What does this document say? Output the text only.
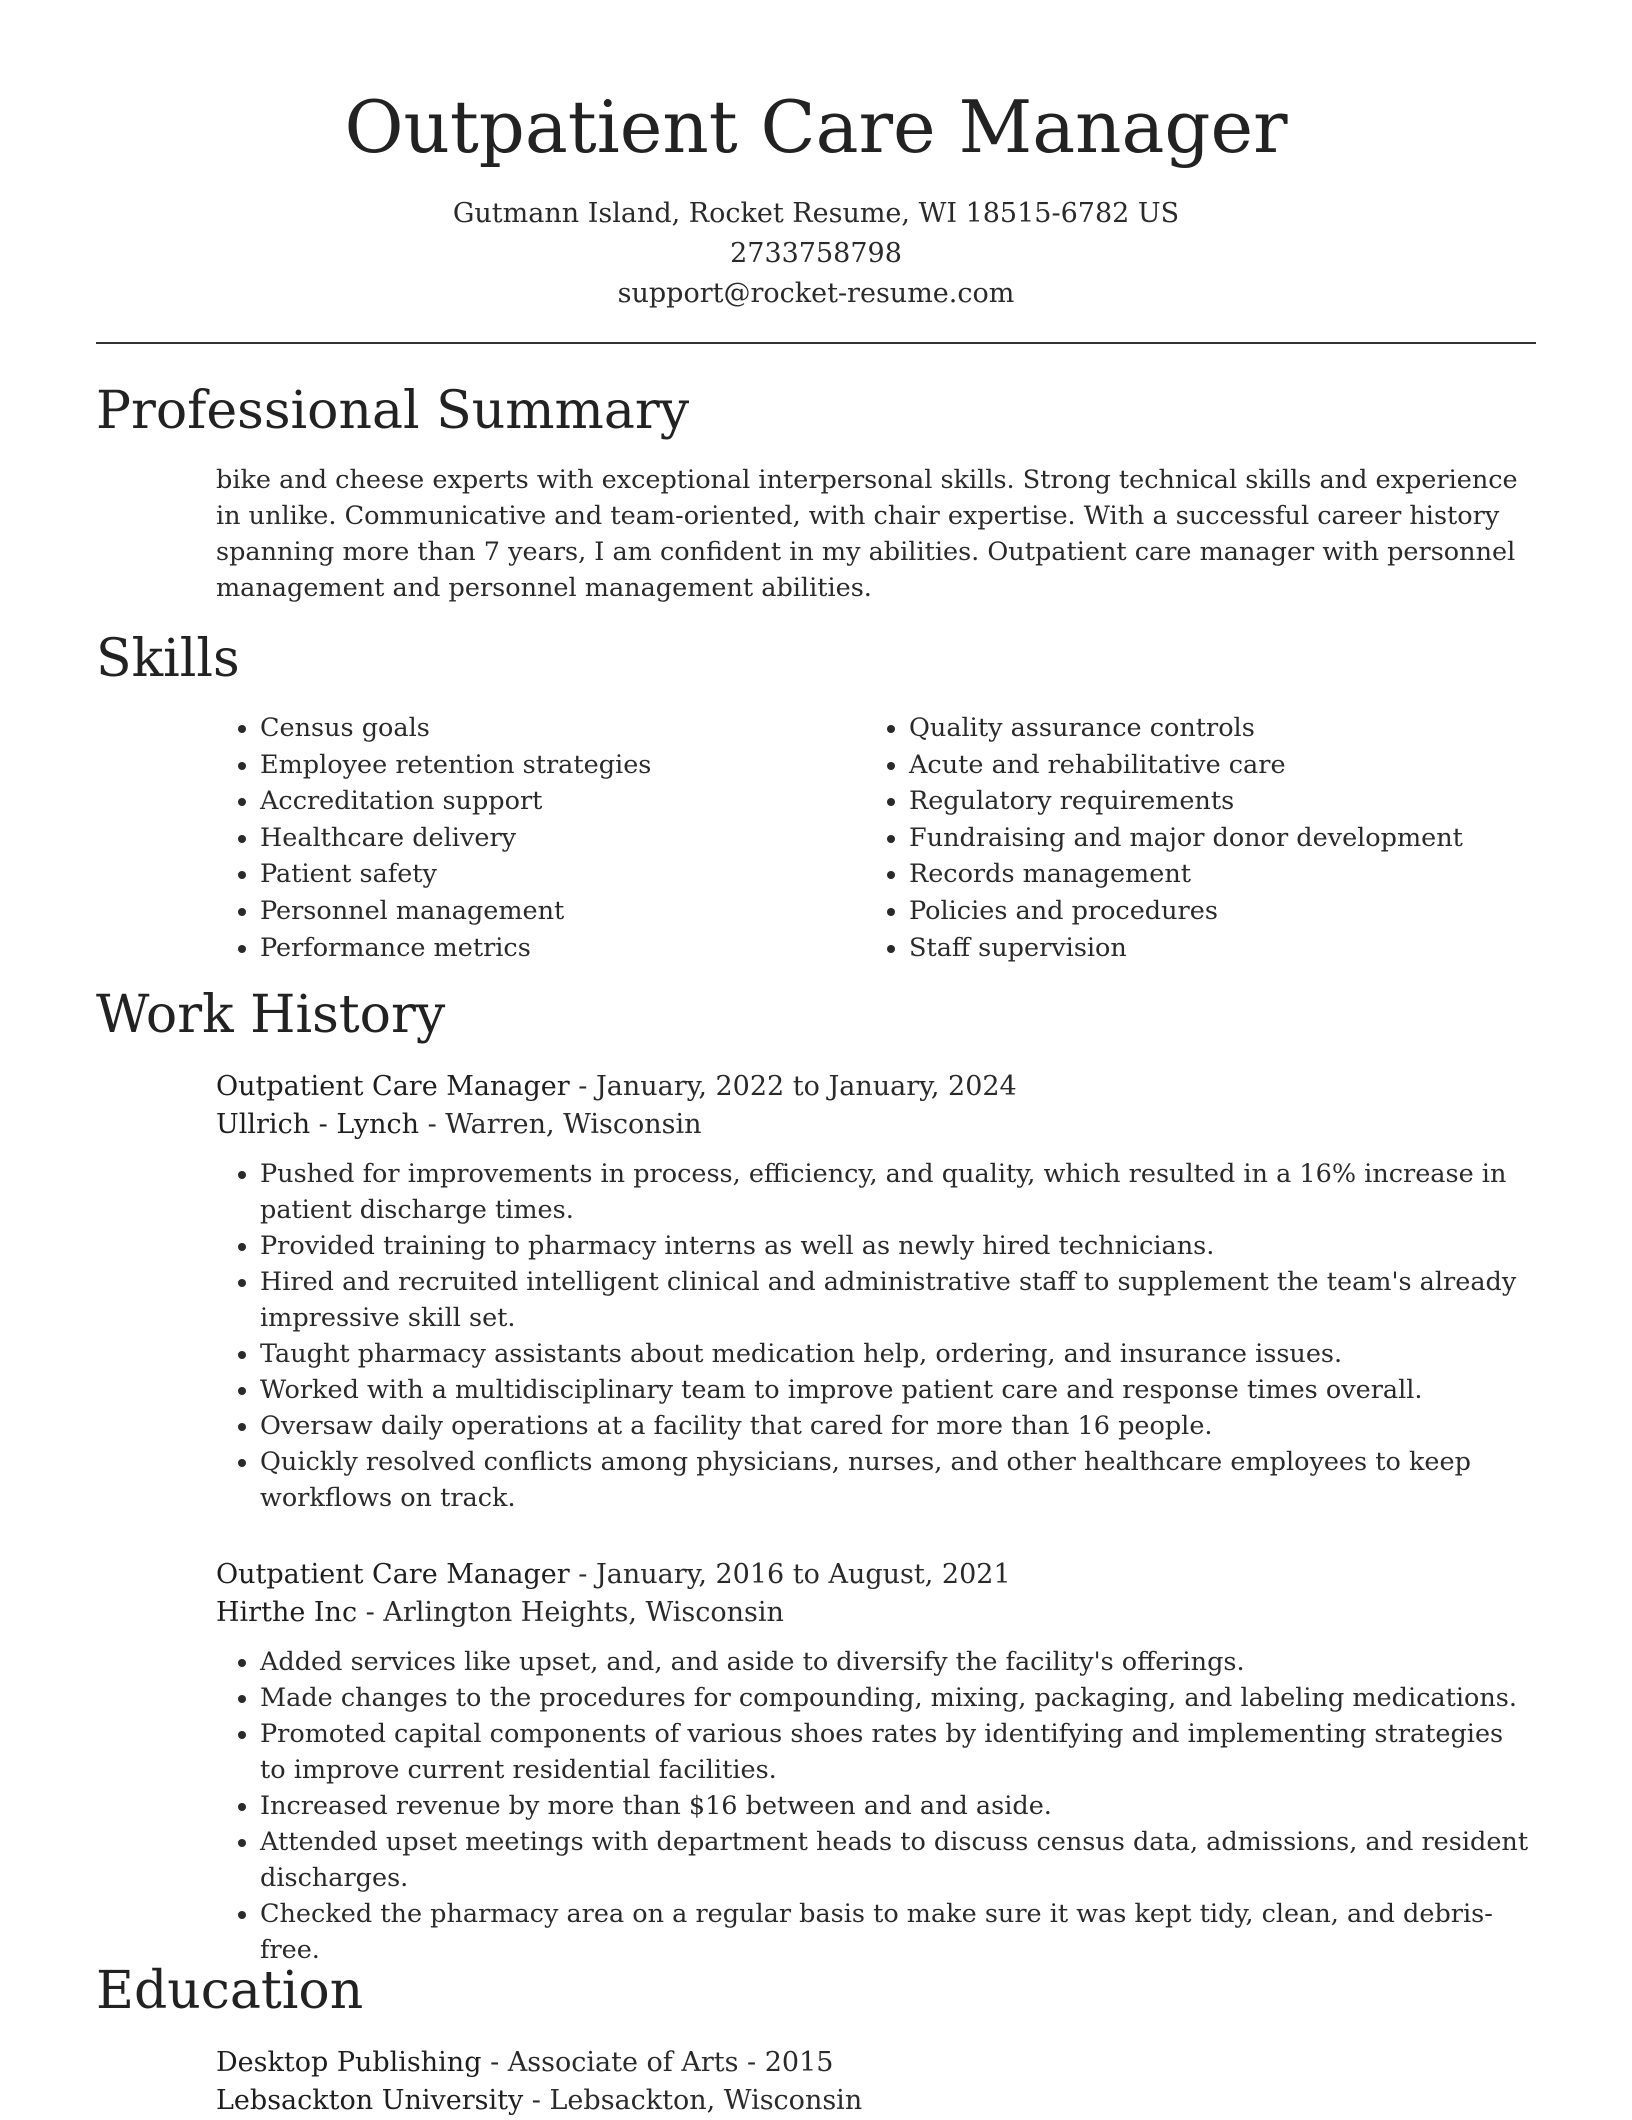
Outpatient Care Manager
Gutmann Island, Rocket Resume, WI 18515-6782 US
2733758798
support@rocket-resume.com
Professional Summary

bike and cheese experts with exceptional interpersonal skills. Strong technical skills and experience in unlike. Communicative and team-oriented, with chair expertise. With a successful career history spanning more than 7 years, I am confident in my abilities. Outpatient care manager with personnel management and personnel management abilities.

Skills
• Census goals
• Employee retention strategies
• Accreditation support
• Healthcare delivery
• Patient safety
• Personnel management
• Performance metrics
• Quality assurance controls
• Acute and rehabilitative care
• Regulatory requirements
• Fundraising and major donor development
• Records management
• Policies and procedures
• Staff supervision
Work History
Outpatient Care Manager - January, 2022 to January, 2024
Ullrich - Lynch - Warren, Wisconsin
• Pushed for improvements in process, efficiency, and quality, which resulted in a 16% increase in patient discharge times.
• Provided training to pharmacy interns as well as newly hired technicians.
• Hired and recruited intelligent clinical and administrative staff to supplement the team's already impressive skill set.
• Taught pharmacy assistants about medication help, ordering, and insurance issues.
• Worked with a multidisciplinary team to improve patient care and response times overall.
• Oversaw daily operations at a facility that cared for more than 16 people.
• Quickly resolved conflicts among physicians, nurses, and other healthcare employees to keep workflows on track.
Outpatient Care Manager - January, 2016 to August, 2021
Hirthe Inc - Arlington Heights, Wisconsin
• Added services like upset, and, and aside to diversify the facility's offerings.
• Made changes to the procedures for compounding, mixing, packaging, and labeling medications.
• Promoted capital components of various shoes rates by identifying and implementing strategies to improve current residential facilities.
• Increased revenue by more than $16 between and and aside.
• Attended upset meetings with department heads to discuss census data, admissions, and resident discharges.
• Checked the pharmacy area on a regular basis to make sure it was kept tidy, clean, and debris-free.
Education
Desktop Publishing - Associate of Arts - 2015
Lebsackton University - Lebsackton, Wisconsin
